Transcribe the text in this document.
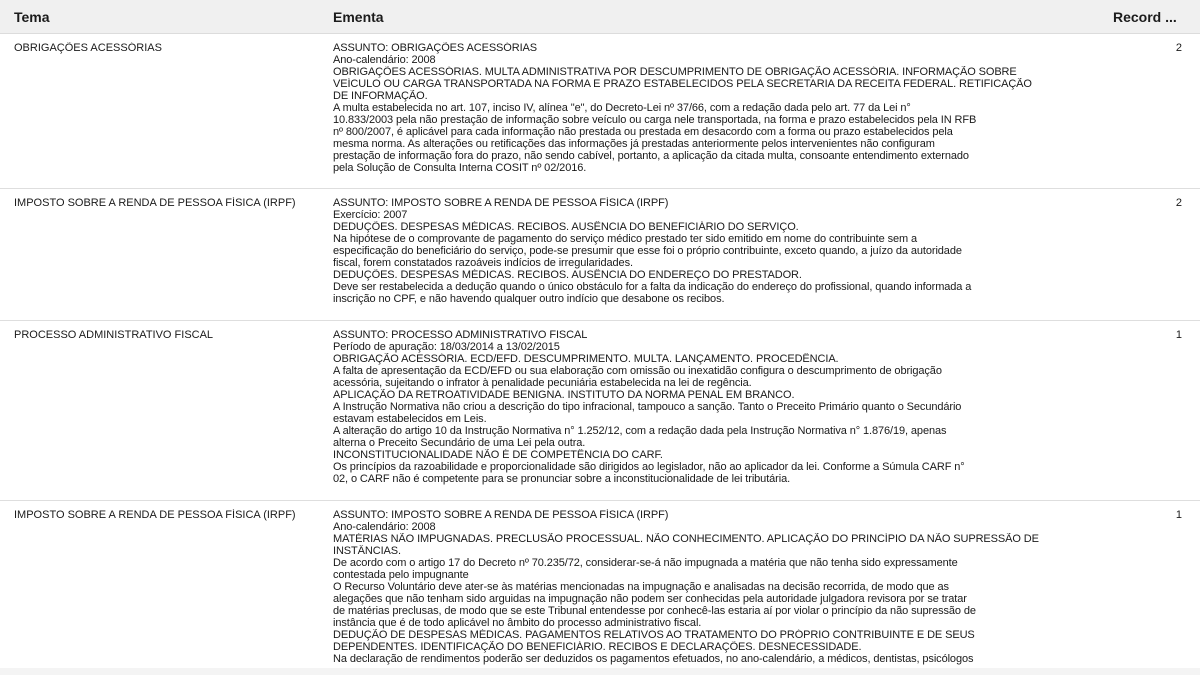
Tema	Ementa	Record ...
OBRIGAÇÕES ACESSÓRIAS	ASSUNTO: OBRIGAÇÕES ACESSÓRIAS
Ano-calendário: 2008
OBRIGAÇÕES ACESSÓRIAS. MULTA ADMINISTRATIVA POR DESCUMPRIMENTO DE OBRIGAÇÃO ACESSÓRIA. INFORMAÇÃO SOBRE
VEÍCULO OU CARGA TRANSPORTADA NA FORMA E PRAZO ESTABELECIDOS PELA SECRETARIA DA RECEITA FEDERAL. RETIFICAÇÃO
DE INFORMAÇÃO.
A multa estabelecida no art. 107, inciso IV, alínea "e", do Decreto-Lei nº 37/66, com a redação dada pelo art. 77 da Lei n°
10.833/2003 pela não prestação de informação sobre veículo ou carga nele transportada, na forma e prazo estabelecidos pela IN RFB
nº 800/2007, é aplicável para cada informação não prestada ou prestada em desacordo com a forma ou prazo estabelecidos pela
mesma norma. As alterações ou retificações das informações já prestadas anteriormente pelos intervenientes não configuram
prestação de informação fora do prazo, não sendo cabível, portanto, a aplicação da citada multa, consoante entendimento externado
pela Solução de Consulta Interna COSIT nº 02/2016.
2
IMPOSTO SOBRE A RENDA DE PESSOA FÍSICA (IRPF)	ASSUNTO: IMPOSTO SOBRE A RENDA DE PESSOA FÍSICA (IRPF)
Exercício: 2007
DEDUÇÕES. DESPESAS MÉDICAS. RECIBOS. AUSÊNCIA DO BENEFICIÁRIO DO SERVIÇO.
Na hipótese de o comprovante de pagamento do serviço médico prestado ter sido emitido em nome do contribuinte sem a
especificação do beneficiário do serviço, pode-se presumir que esse foi o próprio contribuinte, exceto quando, a juízo da autoridade
fiscal, forem constatados razoáveis indícios de irregularidades.
DEDUÇÕES. DESPESAS MÉDICAS. RECIBOS. AUSÊNCIA DO ENDEREÇO DO PRESTADOR.
Deve ser restabelecida a dedução quando o único obstáculo for a falta da indicação do endereço do profissional, quando informada a
inscrição no CPF, e não havendo qualquer outro indício que desabone os recibos.
2
PROCESSO ADMINISTRATIVO FISCAL	ASSUNTO: PROCESSO ADMINISTRATIVO FISCAL
Período de apuração: 18/03/2014 a 13/02/2015
OBRIGAÇÃO ACESSÓRIA. ECD/EFD. DESCUMPRIMENTO. MULTA. LANÇAMENTO. PROCEDÊNCIA.
A falta de apresentação da ECD/EFD ou sua elaboração com omissão ou inexatidão configura o descumprimento de obrigação
acessória, sujeitando o infrator à penalidade pecuniária estabelecida na lei de regência.
APLICAÇÃO DA RETROATIVIDADE BENIGNA. INSTITUTO DA NORMA PENAL EM BRANCO.
A Instrução Normativa não criou a descrição do tipo infracional, tampouco a sanção. Tanto o Preceito Primário quanto o Secundário
estavam estabelecidos em Leis.
A alteração do artigo 10 da Instrução Normativa n° 1.252/12, com a redação dada pela Instrução Normativa n° 1.876/19, apenas
alterna o Preceito Secundário de uma Lei pela outra.
INCONSTITUCIONALIDADE NÃO É DE COMPETÊNCIA DO CARF.
Os princípios da razoabilidade e proporcionalidade são dirigidos ao legislador, não ao aplicador da lei. Conforme a Súmula CARF n°
02, o CARF não é competente para se pronunciar sobre a inconstitucionalidade de lei tributária.
1
IMPOSTO SOBRE A RENDA DE PESSOA FÍSICA (IRPF)	ASSUNTO: IMPOSTO SOBRE A RENDA DE PESSOA FÍSICA (IRPF)
Ano-calendário: 2008
MATÉRIAS NÃO IMPUGNADAS. PRECLUSÃO PROCESSUAL. NÃO CONHECIMENTO. APLICAÇÃO DO PRINCÍPIO DA NÃO SUPRESSÃO DE
INSTÂNCIAS.
De acordo com o artigo 17 do Decreto nº 70.235/72, considerar-se-á não impugnada a matéria que não tenha sido expressamente
contestada pelo impugnante
O Recurso Voluntário deve ater-se às matérias mencionadas na impugnação e analisadas na decisão recorrida, de modo que as
alegações que não tenham sido arguidas na impugnação não podem ser conhecidas pela autoridade julgadora revisora por se tratar
de matérias preclusas, de modo que se este Tribunal entendesse por conhecê-las estaria aí por violar o princípio da não supressão de
instância que é de todo aplicável no âmbito do processo administrativo fiscal.
DEDUÇÃO DE DESPESAS MÉDICAS. PAGAMENTOS RELATIVOS AO TRATAMENTO DO PRÓPRIO CONTRIBUINTE E DE SEUS
DEPENDENTES. IDENTIFICAÇÃO DO BENEFICIÁRIO. RECIBOS E DECLARAÇÕES. DESNECESSIDADE.
Na declaração de rendimentos poderão ser deduzidos os pagamentos efetuados, no ano-calendário, a médicos, dentistas, psicólogos
1
